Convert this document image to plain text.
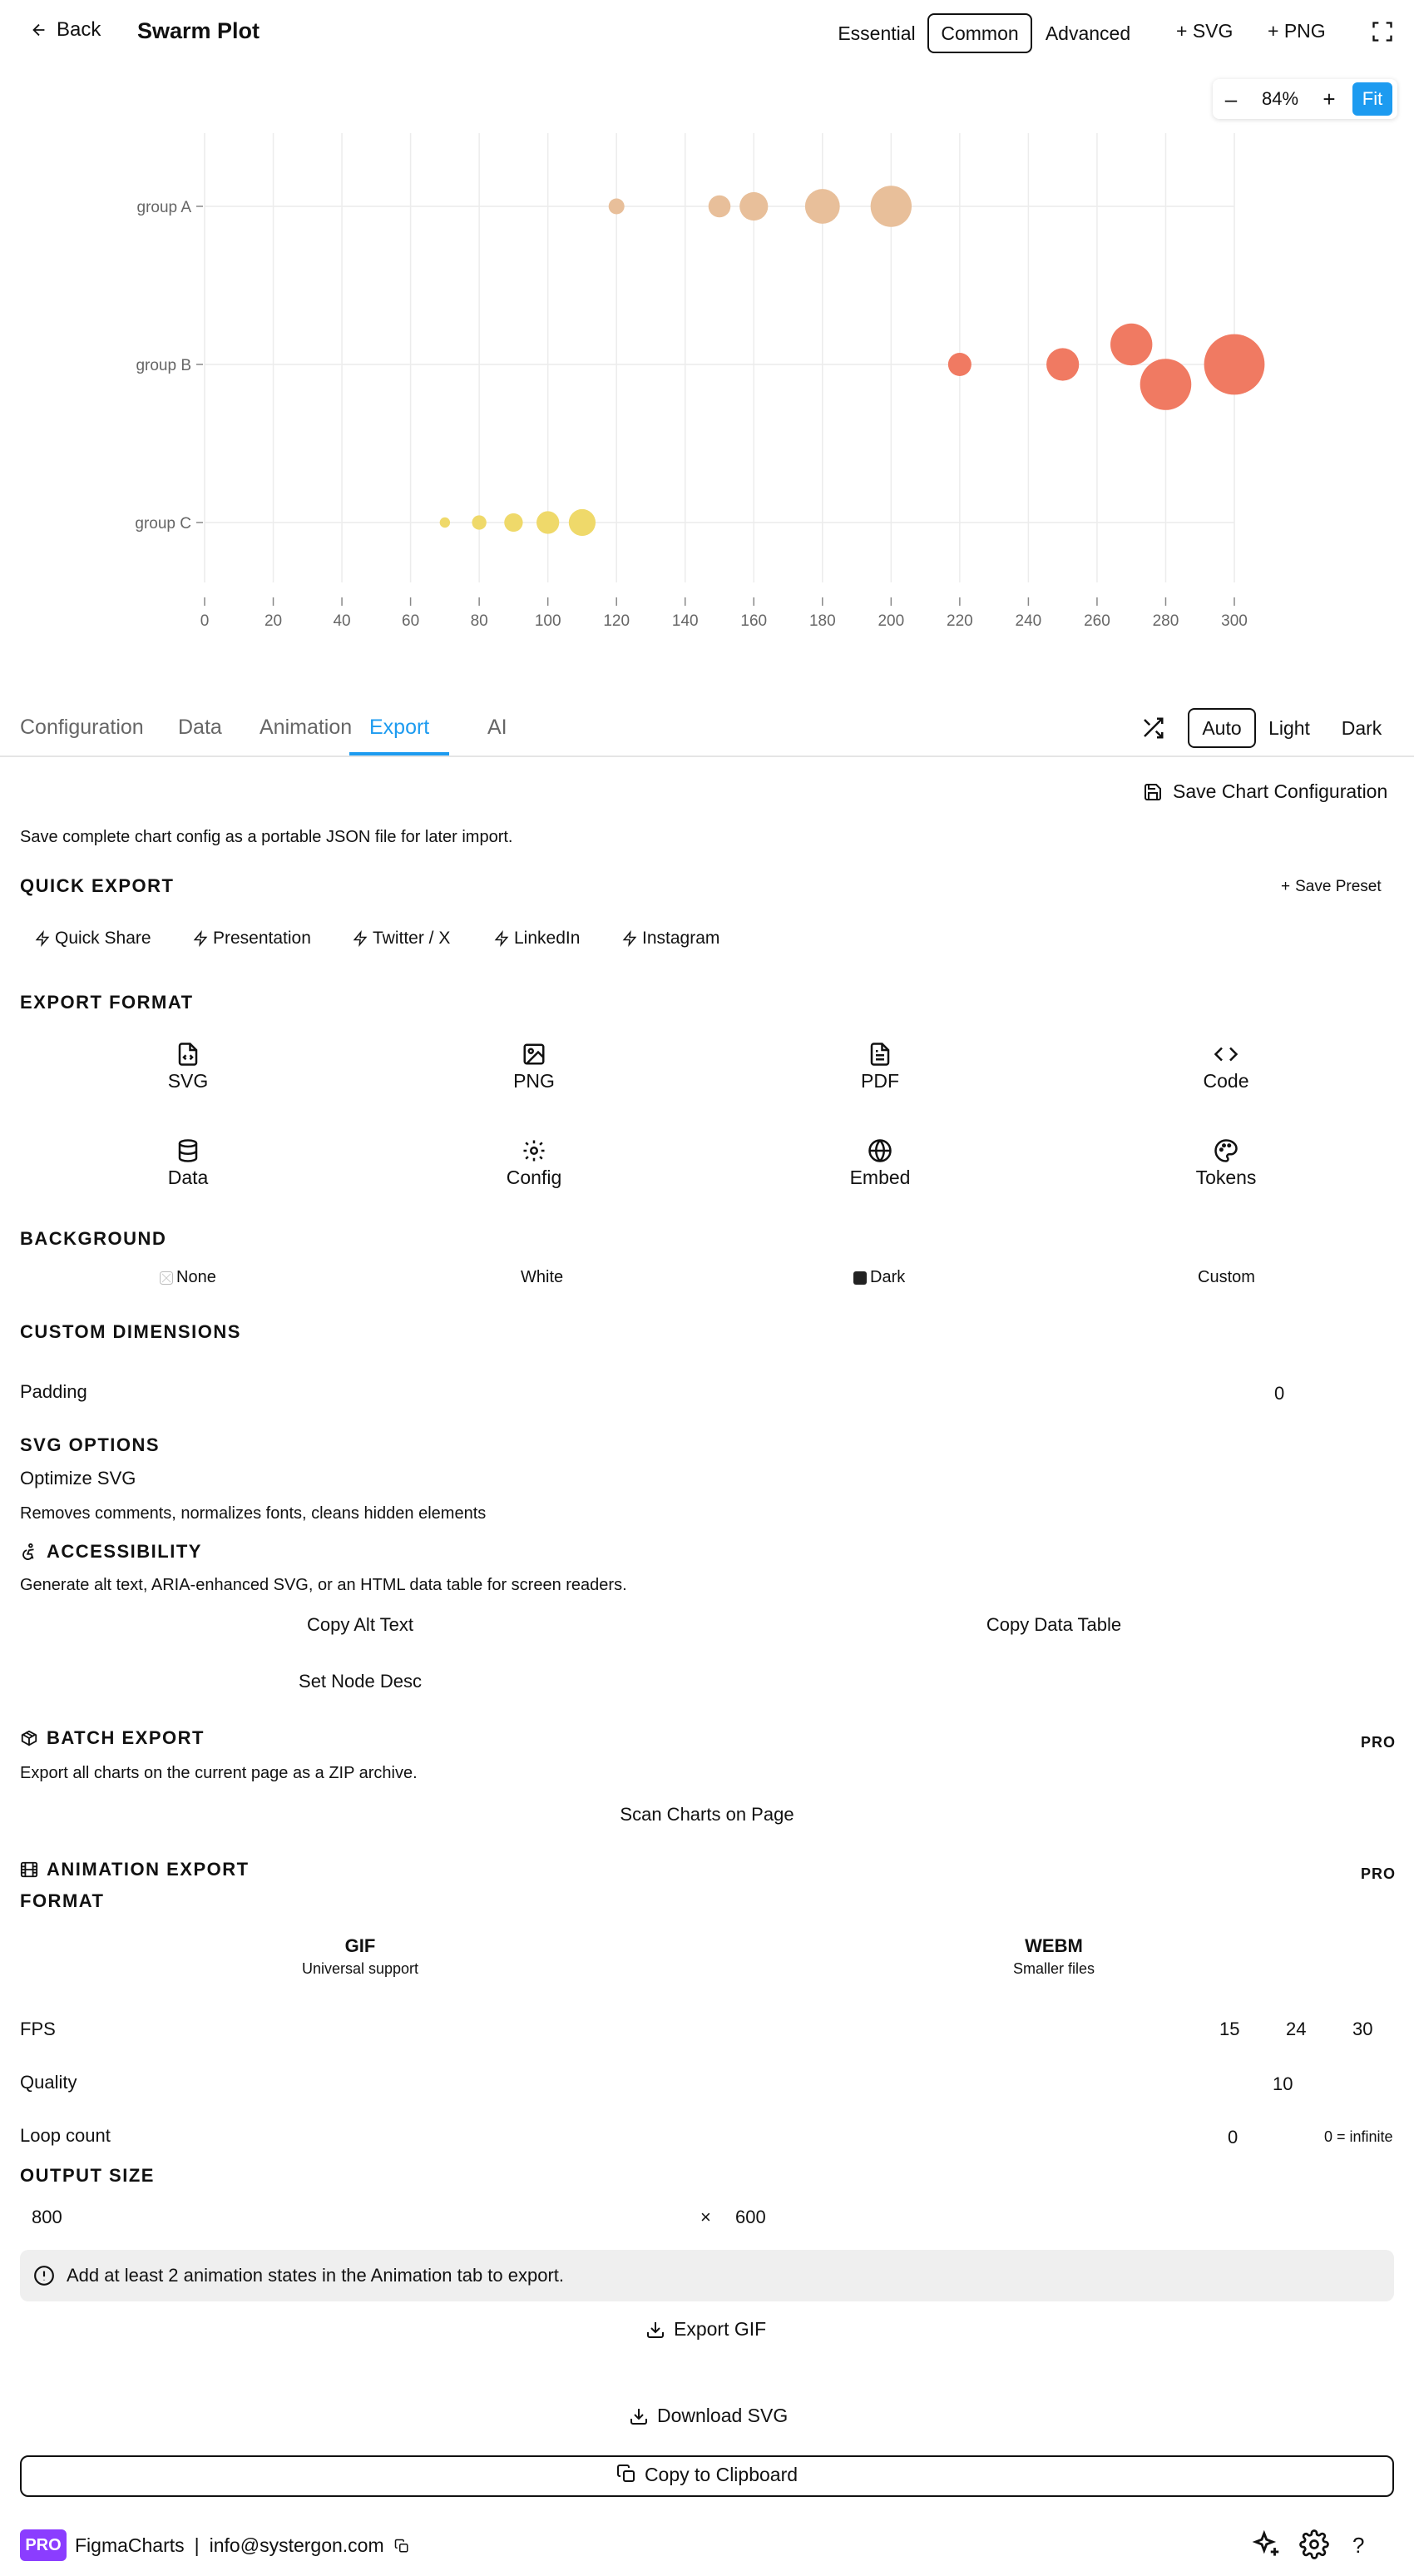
Back Swarm Plot	Essential	Common	Advanced + SVG + PNG
–	84%	+	Fit
0	20	40	60	80	100	120	140	160	180	200	220	240	260	280	300
group A
group B
group C
Configuration Data Animation Export	AI	Auto	Light	Dark
Save Chart Configuration
Save complete chart config as a portable JSON file for later import.
QUICK EXPORT	+ Save Preset
Quick Share	Presentation	Twitter / X	LinkedIn	Instagram
EXPORT FORMAT
SVG	PNG	PDF	Code
Data	Config	Embed	Tokens
BACKGROUND
None	White	Dark	Custom
CUSTOM DIMENSIONS
Padding	0
SVG OPTIONS
Optimize SVG
Removes comments, normalizes fonts, cleans hidden elements
ACCESSIBILITY
Generate alt text, ARIA-enhanced SVG, or an HTML data table for screen readers.
Copy Alt Text	Copy Data Table
Set Node Desc
BATCH EXPORT	PRO
Export all charts on the current page as a ZIP archive.
Scan Charts on Page
ANIMATION EXPORT	PRO
FORMAT
GIF
Universal support
WEBM
Smaller files
FPS	15	24	30
Quality	10
Loop count	0	0 = infinite
OUTPUT SIZE
800	× 600
Add at least 2 animation states in the Animation tab to export.
Export GIF
Download SVG
Copy to Clipboard
PRO FigmaCharts | info@systergon.com	?
